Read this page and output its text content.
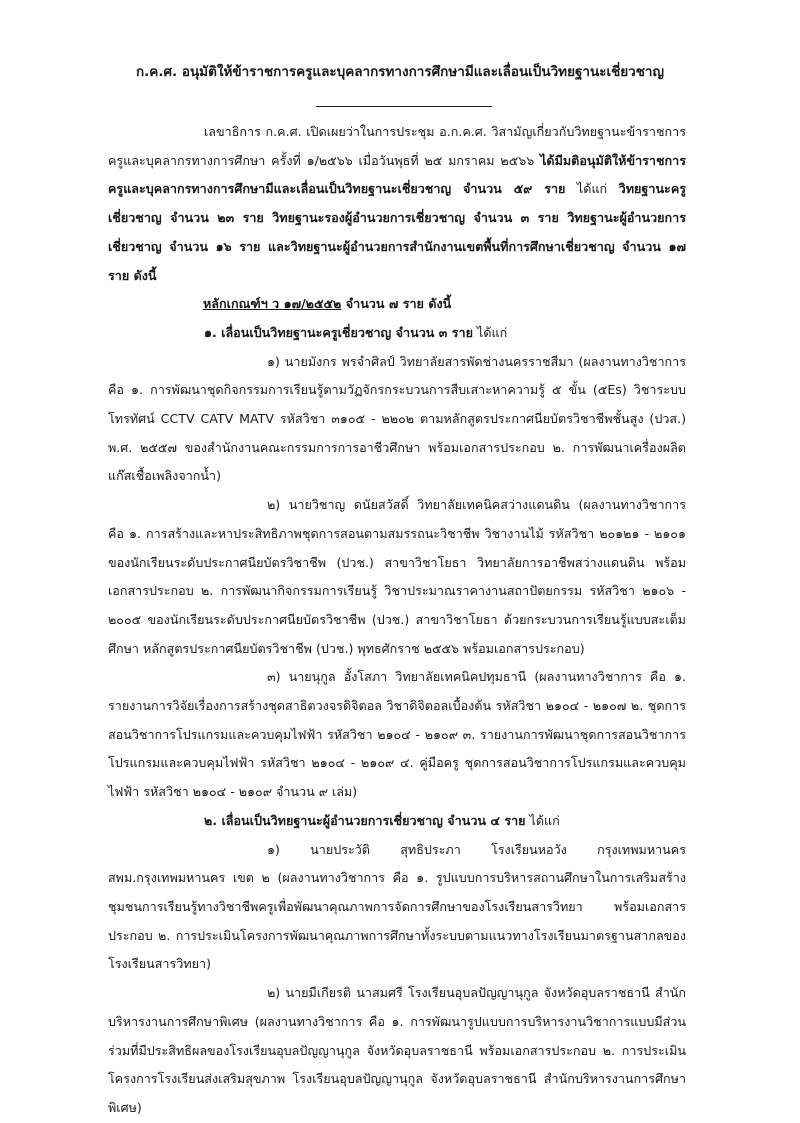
ก.ค.ศ. อนุมัติให้ข้าราชการครูและบุคลากรทางการศึกษามีและเลื่อนเป็นวิทยฐานะเชี่ยวชาญ

เลขาธิการ ก.ค.ศ. เปิดเผยว่าในการประชุม อ.ก.ค.ศ. วิสามัญเกี่ยวกับวิทยฐานะข้าราชการครูและบุคลากรทางการศึกษา ครั้งที่ ๑/๒๕๖๖ เมื่อวันพุธที่ ๒๕ มกราคม ๒๕๖๖ ได้มีมติอนุมัติให้ข้าราชการครูและบุคลากรทางการศึกษามีและเลื่อนเป็นวิทยฐานะเชี่ยวชาญ จำนวน ๕๙ ราย ได้แก่ วิทยฐานะครูเชี่ยวชาญ จำนวน ๒๓ ราย วิทยฐานะรองผู้อำนวยการเชี่ยวชาญ จำนวน ๓ ราย วิทยฐานะผู้อำนวยการเชี่ยวชาญ จำนวน ๑๖ ราย และวิทยฐานะผู้อำนวยการสำนักงานเขตพื้นที่การศึกษาเชี่ยวชาญ จำนวน ๑๗ ราย ดังนี้

หลักเกณฑ์ฯ ว ๑๗/๒๕๕๒ จำนวน ๗ ราย ดังนี้

๑. เลื่อนเป็นวิทยฐานะครูเชี่ยวชาญ จำนวน ๓ ราย ได้แก่

๑) นายมังกร พรจำศิลป์ วิทยาลัยสารพัดช่างนครราชสีมา (ผลงานทางวิชาการ คือ ๑. การพัฒนาชุดกิจกรรมการเรียนรู้ตามวัฏจักรกระบวนการสืบเสาะหาความรู้ ๕ ขั้น (๕Es) วิชาระบบโทรทัศน์ CCTV CATV MATV รหัสวิชา ๓๑๐๕ - ๒๒๐๒ ตามหลักสูตรประกาศนียบัตรวิชาชีพชั้นสูง (ปวส.) พ.ศ. ๒๕๕๗ ของสำนักงานคณะกรรมการการอาชีวศึกษา พร้อมเอกสารประกอบ ๒. การพัฒนาเครื่องผลิตแก๊สเชื้อเพลิงจากน้ำ)

๒) นายวิชาญ ดนัยสวัสดิ์ วิทยาลัยเทคนิคสว่างแดนดิน (ผลงานทางวิชาการ คือ ๑. การสร้างและหาประสิทธิภาพชุดการสอนตามสมรรถนะวิชาชีพ วิชางานไม้ รหัสวิชา ๒๐๑๒๑ - ๒๑๐๑ ของนักเรียนระดับประกาศนียบัตรวิชาชีพ (ปวช.) สาขาวิชาโยธา วิทยาลัยการอาชีพสว่างแดนดิน พร้อมเอกสารประกอบ ๒. การพัฒนากิจกรรมการเรียนรู้ วิชาประมาณราคางานสถาปัตยกรรม รหัสวิชา ๒๑๐๖ - ๒๐๐๕ ของนักเรียนระดับประกาศนียบัตรวิชาชีพ (ปวช.) สาขาวิชาโยธา ด้วยกระบวนการเรียนรู้แบบสะเต็มศึกษา หลักสูตรประกาศนียบัตรวิชาชีพ (ปวช.) พุทธศักราช ๒๕๕๖ พร้อมเอกสารประกอบ)

๓) นายนุกูล อั้งโสภา วิทยาลัยเทคนิคปทุมธานี (ผลงานทางวิชาการ คือ ๑. รายงานการวิจัยเรื่องการสร้างชุดสาธิตวงจรดิจิตอล วิชาดิจิตอลเบื้องต้น รหัสวิชา ๒๑๐๔ - ๒๑๐๗ ๒. ชุดการสอนวิชาการโปรแกรมและควบคุมไฟฟ้า รหัสวิชา ๒๑๐๔ - ๒๑๐๙ ๓. รายงานการพัฒนาชุดการสอนวิชาการโปรแกรมและควบคุมไฟฟ้า รหัสวิชา ๒๑๐๔ - ๒๑๐๙ ๔. คู่มือครู ชุดการสอนวิชาการโปรแกรมและควบคุมไฟฟ้า รหัสวิชา ๒๑๐๔ - ๒๑๐๙ จำนวน ๙ เล่ม)

๒. เลื่อนเป็นวิทยฐานะผู้อำนวยการเชี่ยวชาญ จำนวน ๔ ราย ได้แก่

๑) นายประวัติ สุทธิประภา โรงเรียนหอวัง กรุงเทพมหานคร สพม.กรุงเทพมหานคร เขต ๒ (ผลงานทางวิชาการ คือ ๑. รูปแบบการบริหารสถานศึกษาในการเสริมสร้างชุมชนการเรียนรู้ทางวิชาชีพครูเพื่อพัฒนาคุณภาพการจัดการศึกษาของโรงเรียนสารวิทยา พร้อมเอกสารประกอบ ๒. การประเมินโครงการพัฒนาคุณภาพการศึกษาทั้งระบบตามแนวทางโรงเรียนมาตรฐานสากลของโรงเรียนสารวิทยา)

๒) นายมีเกียรติ นาสมศรี โรงเรียนอุบลปัญญานุกูล จังหวัดอุบลราชธานี สำนักบริหารงานการศึกษาพิเศษ (ผลงานทางวิชาการ คือ ๑. การพัฒนารูปแบบการบริหารงานวิชาการแบบมีส่วนร่วมที่มีประสิทธิผลของโรงเรียนอุบลปัญญานุกูล จังหวัดอุบลราชธานี พร้อมเอกสารประกอบ ๒. การประเมินโครงการโรงเรียนส่งเสริมสุขภาพ โรงเรียนอุบลปัญญานุกูล จังหวัดอุบลราชธานี สำนักบริหารงานการศึกษาพิเศษ)
